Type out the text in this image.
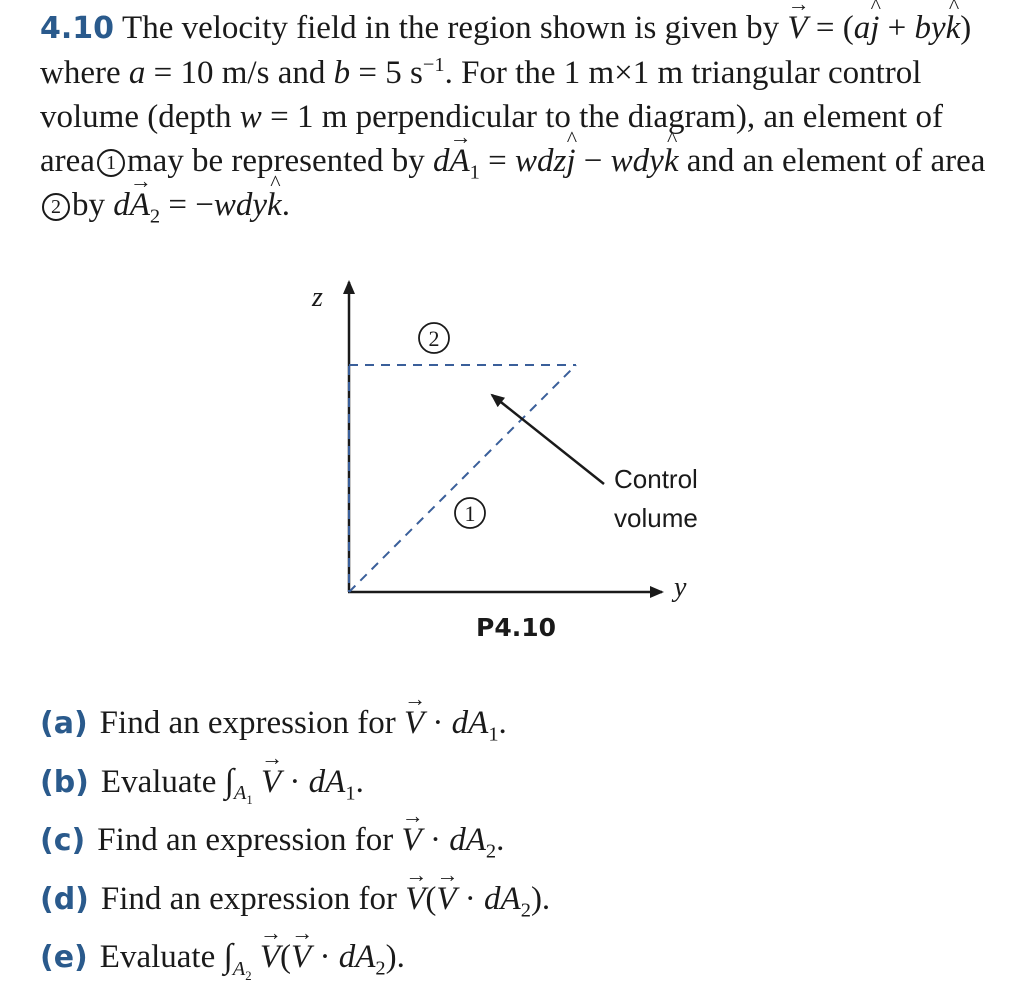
4.10 The velocity field in the region shown is given by → V = (a^ j + by^ k) where a = 10 m/s and b = 5 $s^{-1}$. For the 1 m×1 m triangular control volume (depth w = 1 m perpendicular to the diagram), an element of area 1 may be represented by $d\to A_1$ = wdz^ j − wdy^ k and an element of area2 by $d\to A_2$ = −wdy^ k.
2
1
z
y
Control
volume
P4.10
(a) Find an expression for → $V \cdot dA_1$.
(b) Evaluate $\int_{A_1} \to V \cdot dA_1$.
(c) Find an expression for → $V \cdot dA_2$.
(d) Find an expression for → $V(\to V \cdot dA_2)$.
(e) Evaluate $\int_{A_2} \to V(\to V \cdot dA_2)$.
